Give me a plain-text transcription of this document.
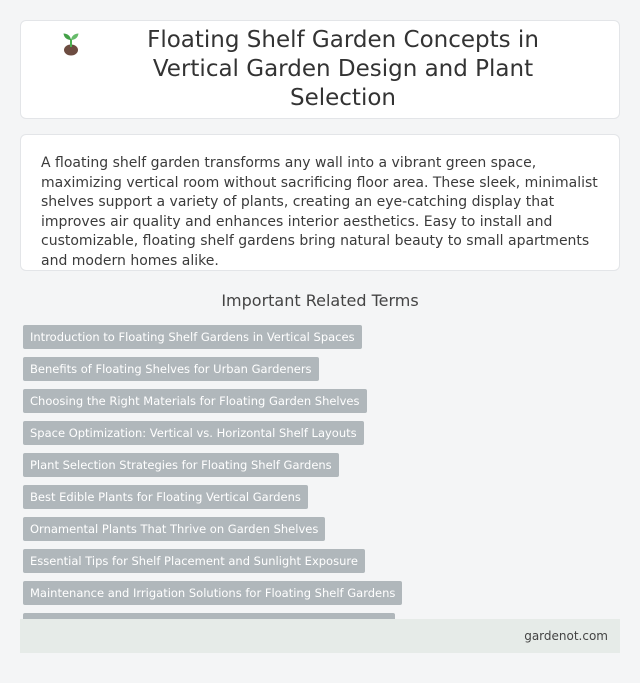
Floating Shelf Garden Concepts in Vertical Garden Design and Plant Selection

A floating shelf garden transforms any wall into a vibrant green space, maximizing vertical room without sacrificing floor area. These sleek, minimalist shelves support a variety of plants, creating an eye-catching display that improves air quality and enhances interior aesthetics. Easy to install and customizable, floating shelf gardens bring natural beauty to small apartments and modern homes alike.

Important Related Terms
Introduction to Floating Shelf Gardens in Vertical Spaces
Benefits of Floating Shelves for Urban Gardeners
Choosing the Right Materials for Floating Garden Shelves
Space Optimization: Vertical vs. Horizontal Shelf Layouts
Plant Selection Strategies for Floating Shelf Gardens
Best Edible Plants for Floating Vertical Gardens
Ornamental Plants That Thrive on Garden Shelves
Essential Tips for Shelf Placement and Sunlight Exposure
Maintenance and Irrigation Solutions for Floating Shelf Gardens
gardenot.com
